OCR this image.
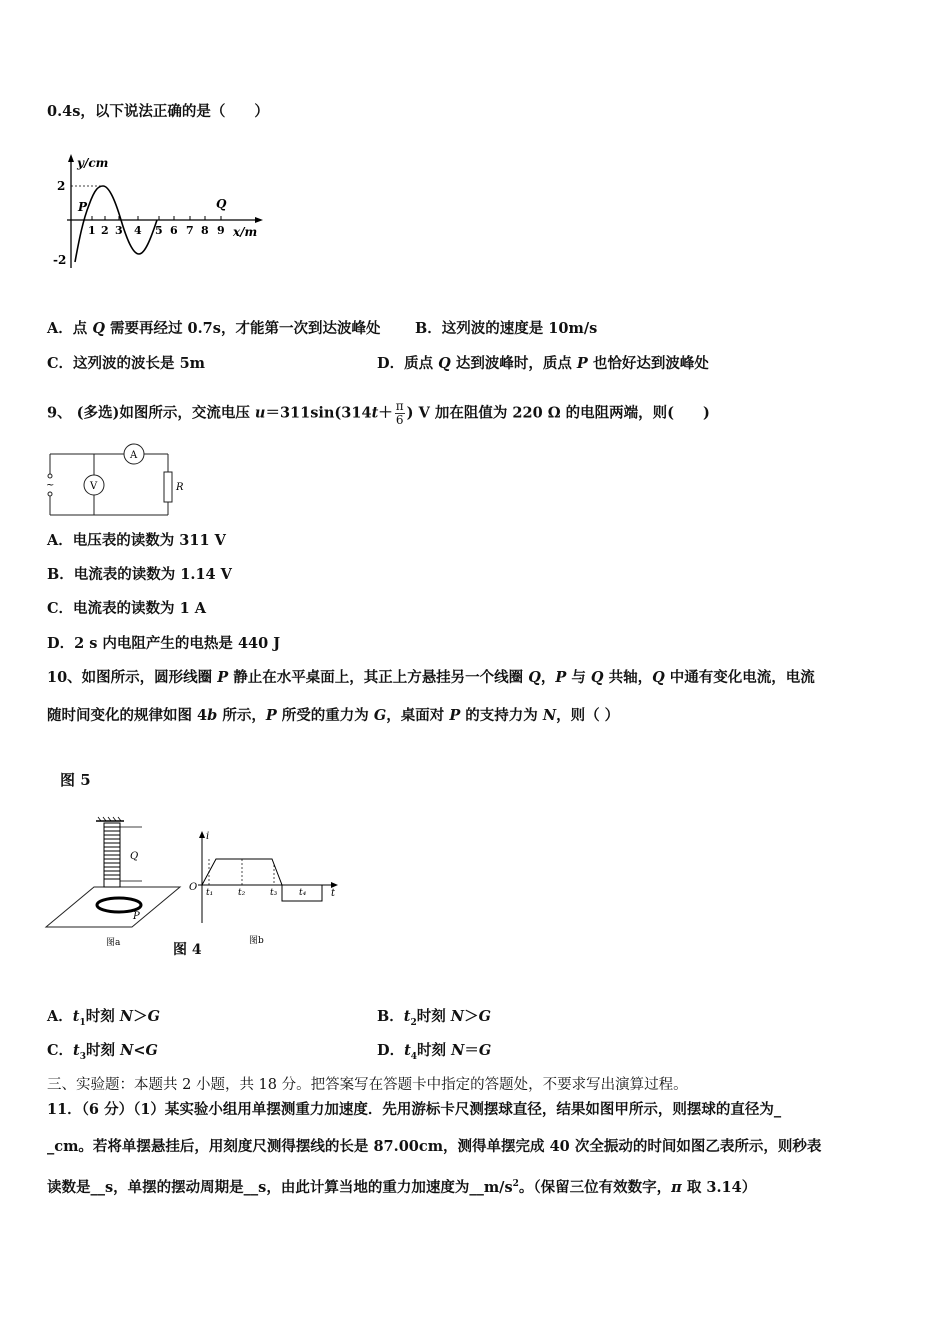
0.4s，以下说法正确的是（　　）
y/cm
x/m
2
-2
1 2 3 4 5 6 7 8 9
P	Q
A．点 Q 需要再经过 0.7s，才能第一次到达波峰处 B．这列波的速度是 10m/s
C．这列波的波长是 5m	D．质点 Q 达到波峰时，质点 P 也恰好达到波峰处
9、 (多选)如图所示，交流电压 $u=311\sin(314t+ \frac{\pi}{6}$ ) V 加在阻值为 220 Ω 的电阻两端，则(　　)
A
V	R
~
A．电压表的读数为 311 V
B．电流表的读数为 1.14 V
C．电流表的读数为 1 A
D．2 s 内电阻产生的电热是 440 J
10、如图所示，圆形线圈 P 静止在水平桌面上，其正上方悬挂另一个线圈 Q，P 与 Q 共轴，Q 中通有变化电流，电流
随时间变化的规律如图 4b 所示，P 所受的重力为 G，桌面对 P 的支持力为 N，则（ ）
图 5
P
Q
图a
i
t
O t₁	t₂	t₃ t₄
图b
图 4
A．$t_1$时刻 N＞G	B．$t_2$时刻 N＞G
C．$t_3$时刻 N<G	D．$t_4$时刻 N＝G
三、实验题：本题共 2 小题，共 18 分。把答案写在答题卡中指定的答题处，不要求写出演算过程。
11．（6 分）（1）某实验小组用单摆测重力加速度．先用游标卡尺测摆球直径，结果如图甲所示，则摆球的直径为_
_cm。若将单摆悬挂后，用刻度尺测得摆线的长是 87.00cm，测得单摆完成 40 次全振动的时间如图乙表所示，则秒表
读数是__s，单摆的摆动周期是__s，由此计算当地的重力加速度为$\_\_m/s^2$。（保留三位有效数字，π 取 3.14）
